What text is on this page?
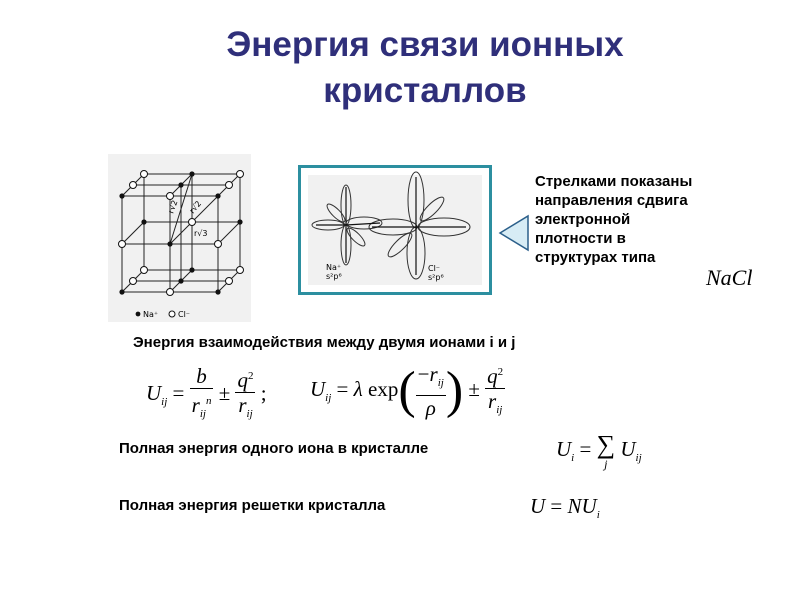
Энергия связи ионных
кристаллов
r√2 r√2
r√3
Na⁺ Cl⁻
Na⁺
s²p⁶
Cl⁻
s²p⁶
Стрелками показаны
направления сдвига
электронной
плотности в
структурах типа
NaCl
Энергия взаимодействия между двумя ионами i и j
$U_{ij} = \frac{b}{r_{ij}^n} \pm \frac{q^2}{r_{ij}}$ ; $U_{ij} = \lambda$ $\exp( \frac{-r_{ij}}{\rho}$ ) ± $\frac{q^2}{r_{ij}}$
Полная энергия одного иона в кристалле	$U_i$ = ∑
j
$U_{ij}$
Полная энергия решетки кристалла	$U = NU_i$
